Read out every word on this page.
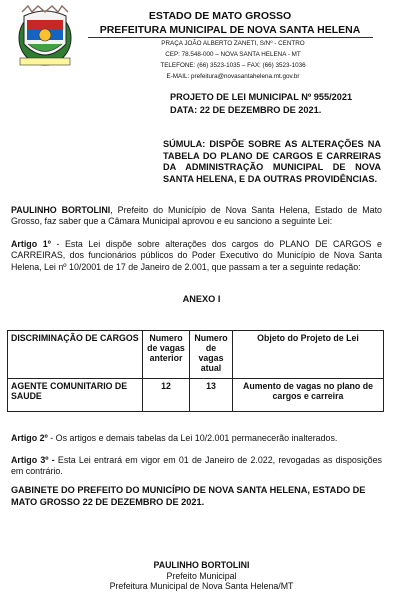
ESTADO DE MATO GROSSO
PREFEITURA MUNICIPAL DE NOVA SANTA HELENA
PRAÇA JOÃO ALBERTO ZANETI, S/Nº - CENTRO
CEP: 78.548-000 – NOVA SANTA HELENA - MT
TELEFONE: (66) 3523-1035 – FAX: (66) 3523-1036
E-MAIL: prefeitura@novasantahelena.mt.gov.br
PROJETO DE LEI MUNICIPAL Nº 955/2021
DATA: 22 DE DEZEMBRO DE 2021.
SÚMULA: DISPÕE SOBRE AS ALTERAÇÕES NA TABELA DO PLANO DE CARGOS E CARREIRAS DA ADMINISTRAÇÃO MUNICIPAL DE NOVA SANTA HELENA, E DA OUTRAS PROVIDÊNCIAS.
PAULINHO BORTOLINI, Prefeito do Município de Nova Santa Helena, Estado de Mato Grosso, faz saber que a Câmara Municipal aprovou e eu sanciono a seguinte Lei:
Artigo 1º - Esta Lei dispõe sobre alterações dos cargos do PLANO DE CARGOS e CARREIRAS, dos funcionários públicos do Poder Executivo do Município de Nova Santa Helena, Lei nº 10/2001 de 17 de Janeiro de 2.001, que passam a ter a seguinte redação:
ANEXO I
DISCRIMINAÇÃO DE CARGOS	Numero de vagas anterior	Numero de vagas atual	Objeto do Projeto de Lei
AGENTE COMUNITARIO DE SAUDE	12	13	Aumento de vagas no plano de cargos e carreira
Artigo 2º - Os artigos e demais tabelas da Lei 10/2.001 permanecerão inalterados.
Artigo 3º - Esta Lei entrará em vigor em 01 de Janeiro de 2.022, revogadas as disposições em contrário.
GABINETE DO PREFEITO DO MUNICÍPIO DE NOVA SANTA HELENA, ESTADO DE MATO GROSSO 22 DE DEZEMBRO DE 2021.
PAULINHO BORTOLINI
Prefeito Municipal
Prefeitura Municipal de Nova Santa Helena/MT
